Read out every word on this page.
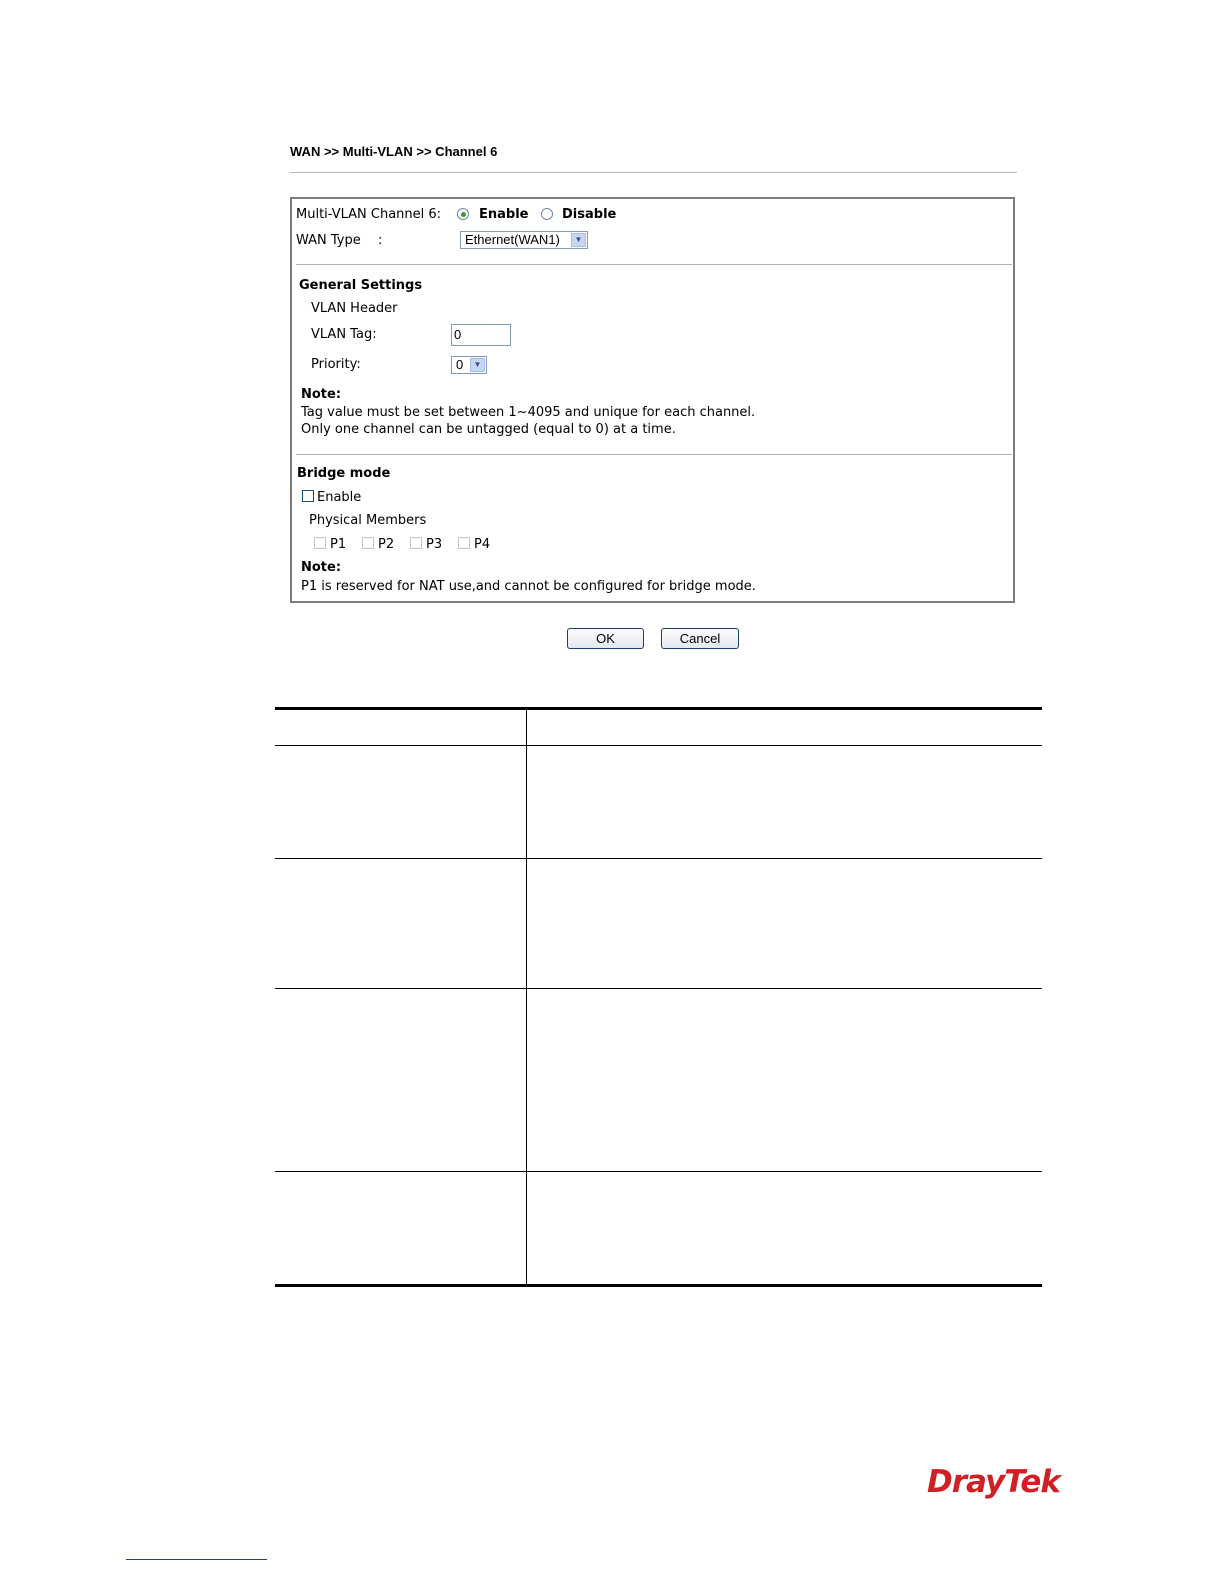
WAN >> Multi-VLAN >> Channel 6
Multi-VLAN Channel 6:	Enable	Disable
WAN Type :	Ethernet(WAN1)	▼
General Settings
VLAN Header
VLAN Tag:	0
Priority:	0	▼
Note:
Tag value must be set between 1~4095 and unique for each channel.
Only one channel can be untagged (equal to 0) at a time.
Bridge mode
Enable
Physical Members
P1 P2 P3 P4
Note:
P1 is reserved for NAT use,and cannot be configured for bridge mode.
OK	Cancel
DrayTek
